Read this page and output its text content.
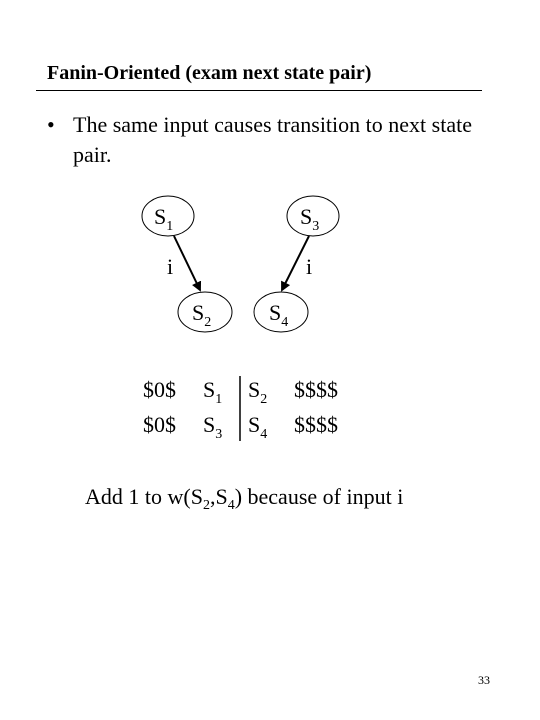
Fanin-Oriented (exam next state pair)
• The same input causes transition to next state pair.
$S_1$	$S_3$
$S_2$	$S_4$
i	i
$0$ $S_1$ $S_2$ $$$$
$0$ $S_3$ $S_4$ $$$$
Add 1 to $w(S_2,S_4)$ because of input i
33
